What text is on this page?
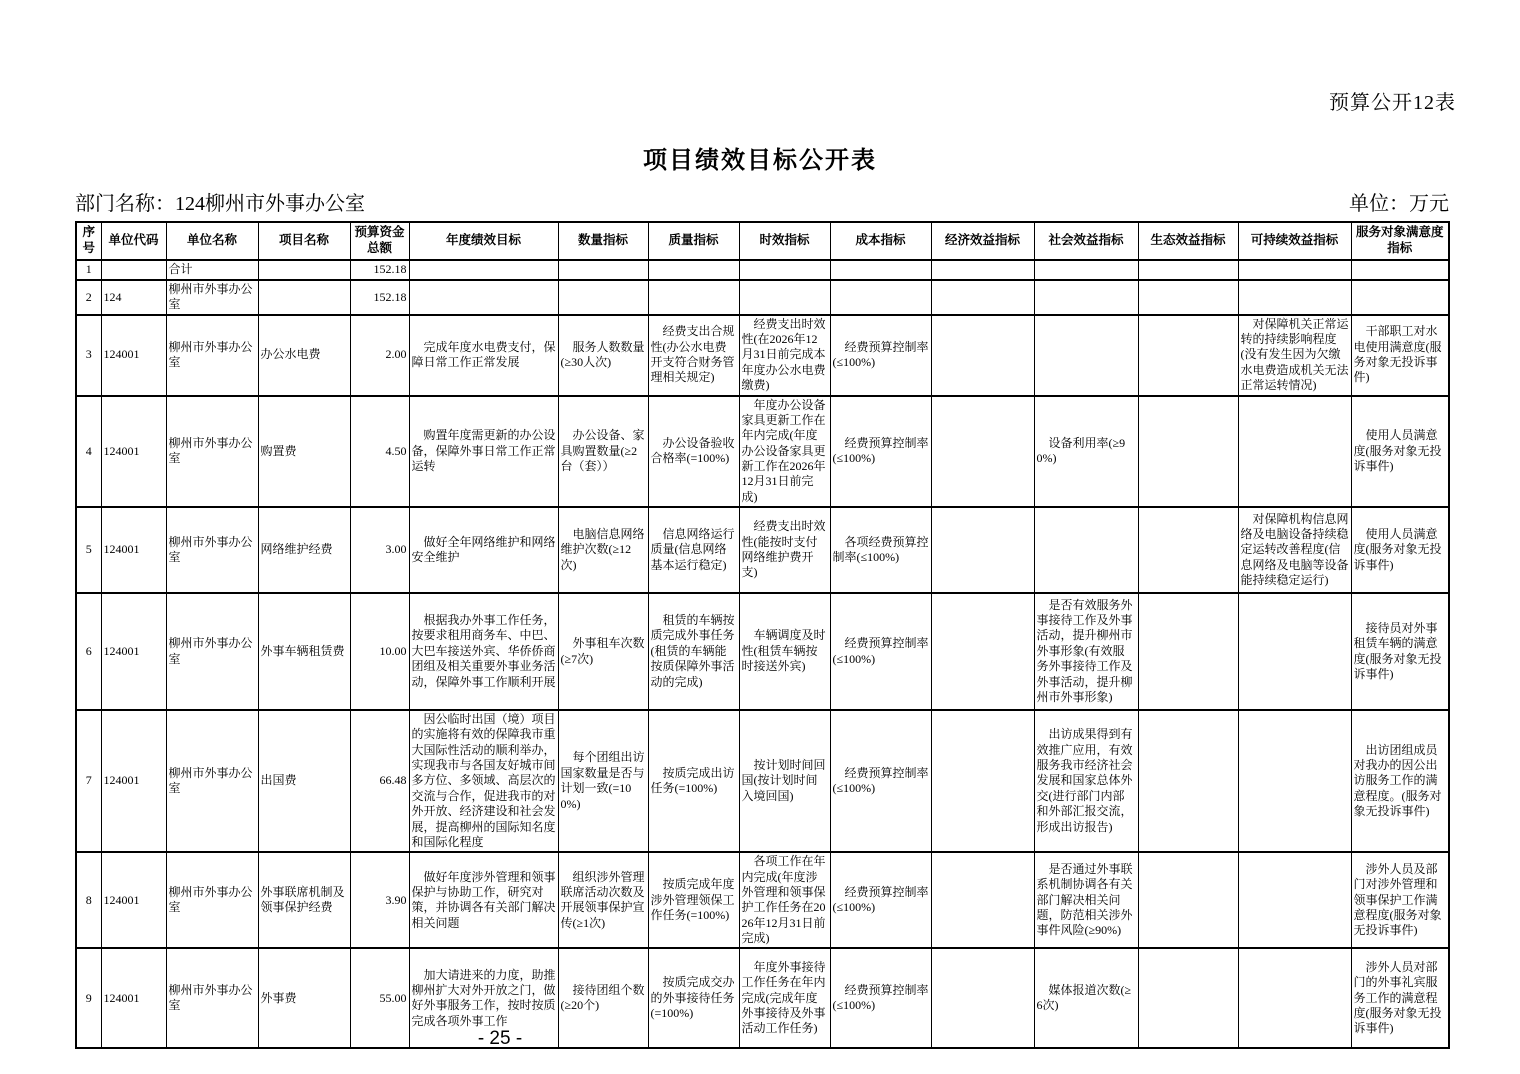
预算公开12表
项目绩效目标公开表
部门名称：124柳州市外事办公室	单位：万元
序号	单位代码	单位名称	项目名称	预算资金总额	年度绩效目标	数量指标	质量指标	时效指标	成本指标	经济效益指标	社会效益指标	生态效益指标	可持续效益指标	服务对象满意度指标
1		合计		152.18										
2	124	柳州市外事办公室		152.18										
3	124001	柳州市外事办公室	办公水电费	2.00	完成年度水电费支付，保障日常工作正常发展	服务人数数量(≥30人次)	经费支出合规性(办公水电费开支符合财务管理相关规定)	经费支出时效性(在2026年12月31日前完成本年度办公水电费缴费)	经费预算控制率(≤100%)				对保障机关正常运转的持续影响程度(没有发生因为欠缴水电费造成机关无法正常运转情况)	干部职工对水电使用满意度(服务对象无投诉事件)
4	124001	柳州市外事办公室	购置费	4.50	购置年度需更新的办公设备，保障外事日常工作正常运转	办公设备、家具购置数量(≥2台（套））	办公设备验收合格率(=100%)	年度办公设备家具更新工作在年内完成(年度办公设备家具更新工作在2026年12月31日前完成)	经费预算控制率(≤100%)		设备利用率(≥90%)			使用人员满意度(服务对象无投诉事件)
5	124001	柳州市外事办公室	网络维护经费	3.00	做好全年网络维护和网络安全维护	电脑信息网络维护次数(≥12次)	信息网络运行质量(信息网络基本运行稳定)	经费支出时效性(能按时支付网络维护费开支)	各项经费预算控制率(≤100%)				对保障机构信息网络及电脑设备持续稳定运转改善程度(信息网络及电脑等设备能持续稳定运行)	使用人员满意度(服务对象无投诉事件)
6	124001	柳州市外事办公室	外事车辆租赁费	10.00	根据我办外事工作任务，按要求租用商务车、中巴、大巴车接送外宾、华侨侨商团组及相关重要外事业务活动，保障外事工作顺利开展	外事租车次数(≥7次)	租赁的车辆按质完成外事任务(租赁的车辆能按质保障外事活动的完成)	车辆调度及时性(租赁车辆按时接送外宾)	经费预算控制率(≤100%)		是否有效服务外事接待工作及外事活动，提升柳州市外事形象(有效服务外事接待工作及外事活动，提升柳州市外事形象)			接待员对外事租赁车辆的满意度(服务对象无投诉事件)
7	124001	柳州市外事办公室	出国费	66.48	因公临时出国（境）项目的实施将有效的保障我市重大国际性活动的顺利举办，实现我市与各国友好城市间多方位、多领域、高层次的交流与合作，促进我市的对外开放、经济建设和社会发展，提高柳州的国际知名度和国际化程度	每个团组出访国家数量是否与计划一致(=100%)	按质完成出访任务(=100%)	按计划时间回国(按计划时间入境回国)	经费预算控制率(≤100%)		出访成果得到有效推广应用，有效服务我市经济社会发展和国家总体外交(进行部门内部和外部汇报交流，形成出访报告)			出访团组成员对我办的因公出访服务工作的满意程度。(服务对象无投诉事件)
8	124001	柳州市外事办公室	外事联席机制及领事保护经费	3.90	做好年度涉外管理和领事保护与协助工作，研究对策，并协调各有关部门解决相关问题	组织涉外管理联席活动次数及开展领事保护宣传(≥1次)	按质完成年度涉外管理领保工作任务(=100%)	各项工作在年内完成(年度涉外管理和领事保护工作任务在2026年12月31日前完成)	经费预算控制率(≤100%)		是否通过外事联系机制协调各有关部门解决相关问题，防范相关涉外事件风险(≥90%)			涉外人员及部门对涉外管理和领事保护工作满意程度(服务对象无投诉事件)
9	124001	柳州市外事办公室	外事费	55.00	加大请进来的力度，助推柳州扩大对外开放之门，做好外事服务工作，按时按质完成各项外事工作	接待团组个数(≥20个)	按质完成交办的外事接待任务(=100%)	年度外事接待工作任务在年内完成(完成年度外事接待及外事活动工作任务)	经费预算控制率(≤100%)		媒体报道次数(≥6次)			涉外人员对部门的外事礼宾服务工作的满意程度(服务对象无投诉事件)
- 25 -
